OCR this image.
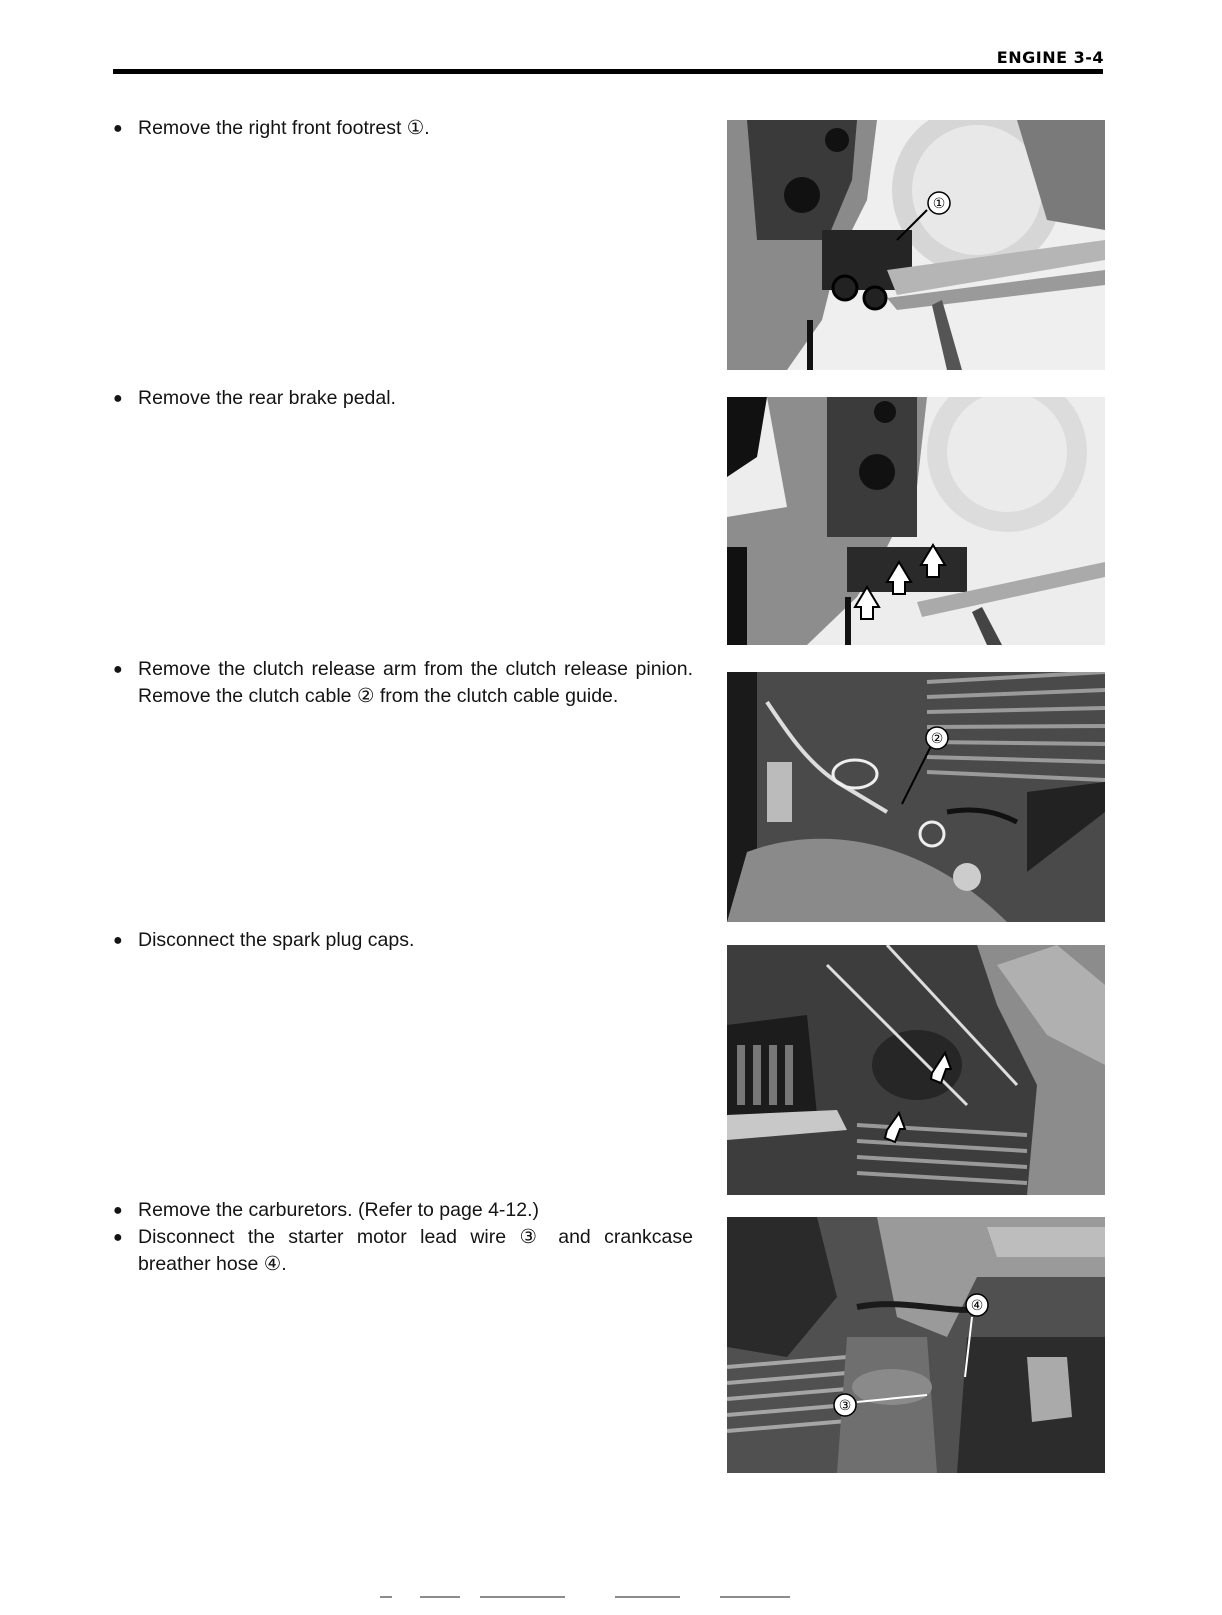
ENGINE 3-4
● Remove the right front footrest ①.
①
● Remove the rear brake pedal.
● Remove the clutch release arm from the clutch release pinion. Remove the clutch cable ② from the clutch cable guide.
②
● Disconnect the spark plug caps.
● Remove the carburetors. (Refer to page 4-12.)
● Disconnect the starter motor lead wire ③ and crankcase breather hose ④.
④
③
